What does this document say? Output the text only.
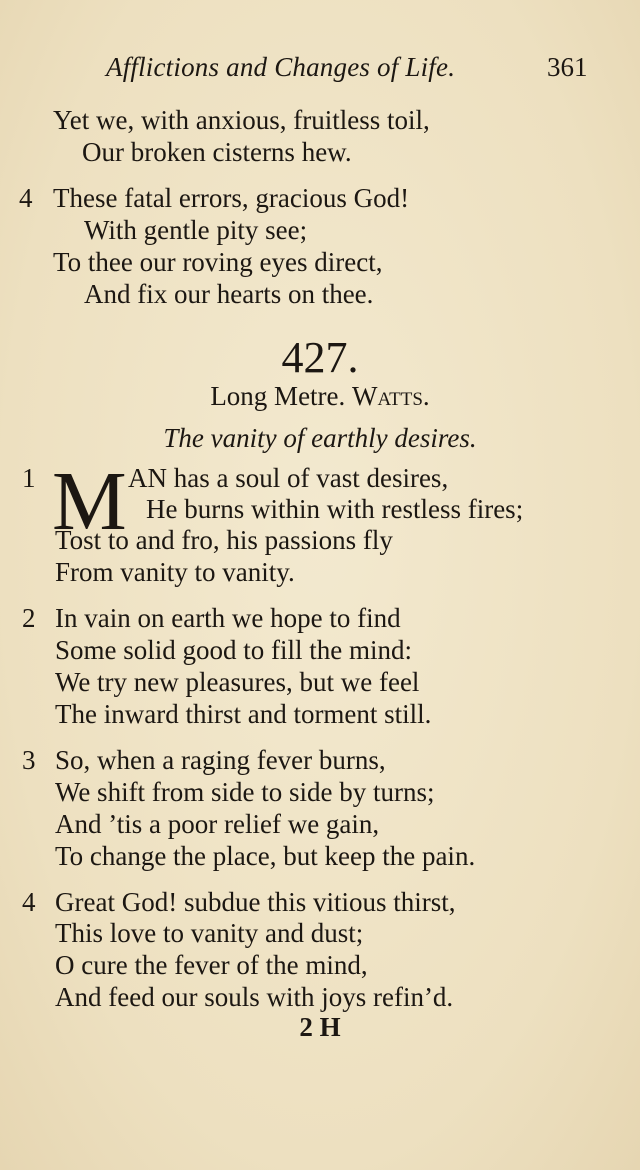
Afflictions and Changes of Life.	361
Yet we, with anxious, fruitless toil,
Our broken cisterns hew.
4 These fatal errors, gracious God!
With gentle pity see;
To thee our roving eyes direct,
And fix our hearts on thee.
427.
Long Metre. Watts.
The vanity of earthly desires.
1 M AN has a soul of vast desires,
He burns within with restless fires;
Tost to and fro, his passions fly
From vanity to vanity.
2 In vain on earth we hope to find
Some solid good to fill the mind:
We try new pleasures, but we feel
The inward thirst and torment still.
3 So, when a raging fever burns,
We shift from side to side by turns;
And ’tis a poor relief we gain,
To change the place, but keep the pain.
4 Great God! subdue this vitious thirst,
This love to vanity and dust;
O cure the fever of the mind,
And feed our souls with joys refin’d.
2 H
